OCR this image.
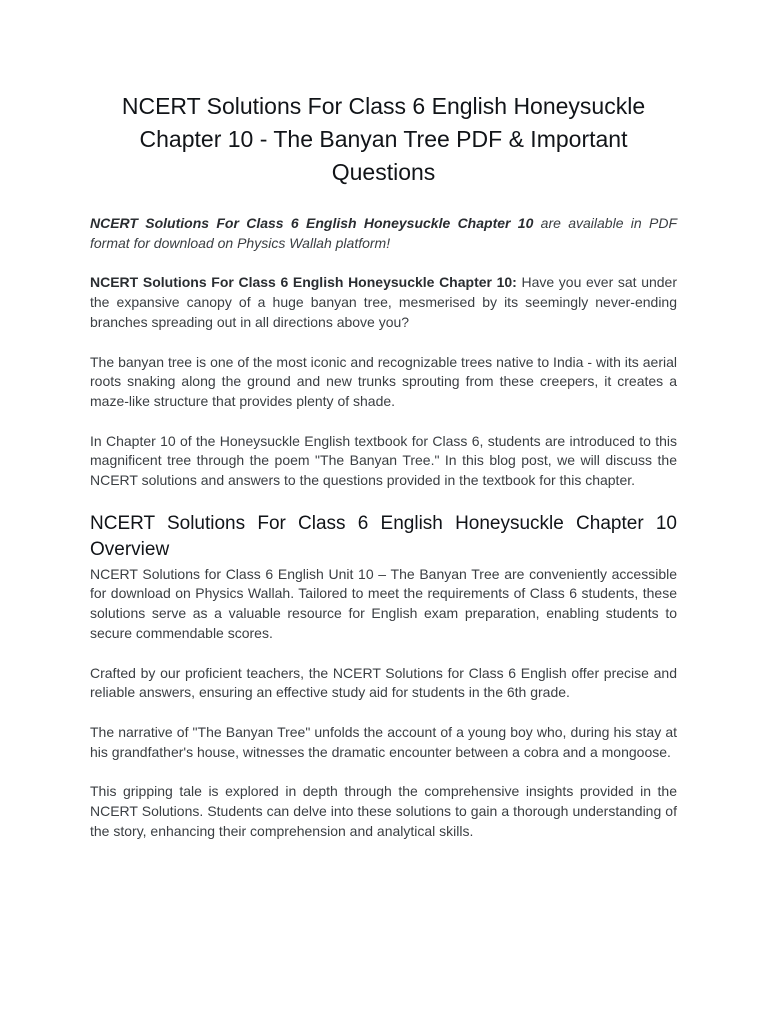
NCERT Solutions For Class 6 English Honeysuckle Chapter 10 - The Banyan Tree PDF & Important Questions

NCERT Solutions For Class 6 English Honeysuckle Chapter 10 are available in PDF format for download on Physics Wallah platform!

NCERT Solutions For Class 6 English Honeysuckle Chapter 10: Have you ever sat under the expansive canopy of a huge banyan tree, mesmerised by its seemingly never-ending branches spreading out in all directions above you?

The banyan tree is one of the most iconic and recognizable trees native to India - with its aerial roots snaking along the ground and new trunks sprouting from these creepers, it creates a maze-like structure that provides plenty of shade.

In Chapter 10 of the Honeysuckle English textbook for Class 6, students are introduced to this magnificent tree through the poem "The Banyan Tree." In this blog post, we will discuss the NCERT solutions and answers to the questions provided in the textbook for this chapter.

NCERT Solutions For Class 6 English Honeysuckle Chapter 10 Overview

NCERT Solutions for Class 6 English Unit 10 – The Banyan Tree are conveniently accessible for download on Physics Wallah. Tailored to meet the requirements of Class 6 students, these solutions serve as a valuable resource for English exam preparation, enabling students to secure commendable scores.

Crafted by our proficient teachers, the NCERT Solutions for Class 6 English offer precise and reliable answers, ensuring an effective study aid for students in the 6th grade.

The narrative of "The Banyan Tree" unfolds the account of a young boy who, during his stay at his grandfather's house, witnesses the dramatic encounter between a cobra and a mongoose.

This gripping tale is explored in depth through the comprehensive insights provided in the NCERT Solutions. Students can delve into these solutions to gain a thorough understanding of the story, enhancing their comprehension and analytical skills.
